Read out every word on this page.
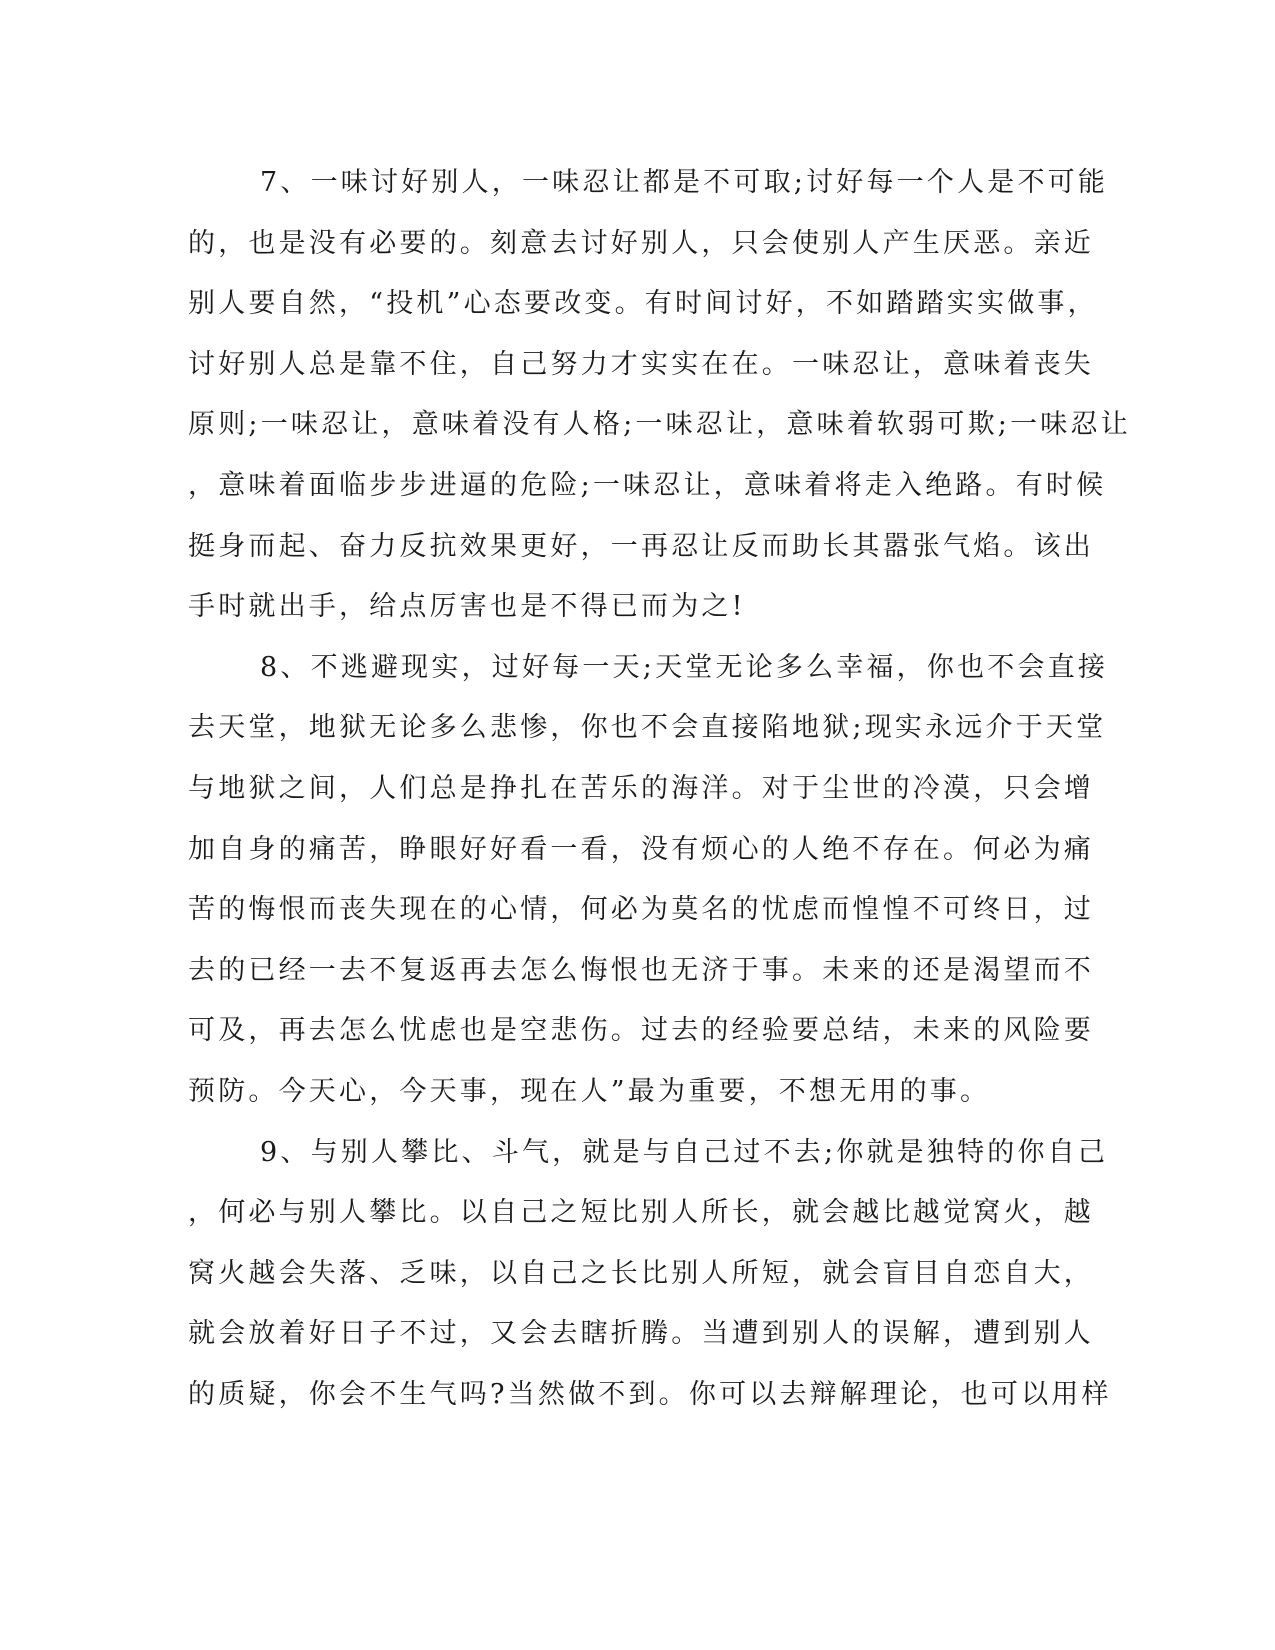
7、一味讨好别人，一味忍让都是不可取;讨好每一个人是不可能
的，也是没有必要的。刻意去讨好别人，只会使别人产生厌恶。亲近
别人要自然，“投机”心态要改变。有时间讨好，不如踏踏实实做事，
讨好别人总是靠不住，自己努力才实实在在。一味忍让，意味着丧失
原则;一味忍让，意味着没有人格;一味忍让，意味着软弱可欺;一味忍让
，意味着面临步步进逼的危险;一味忍让，意味着将走入绝路。有时候
挺身而起、奋力反抗效果更好，一再忍让反而助长其嚣张气焰。该出
手时就出手，给点厉害也是不得已而为之!
8、不逃避现实，过好每一天;天堂无论多么幸福，你也不会直接
去天堂，地狱无论多么悲惨，你也不会直接陷地狱;现实永远介于天堂
与地狱之间，人们总是挣扎在苦乐的海洋。对于尘世的冷漠，只会增
加自身的痛苦，睁眼好好看一看，没有烦心的人绝不存在。何必为痛
苦的悔恨而丧失现在的心情，何必为莫名的忧虑而惶惶不可终日，过
去的已经一去不复返再去怎么悔恨也无济于事。未来的还是渴望而不
可及，再去怎么忧虑也是空悲伤。过去的经验要总结，未来的风险要
预防。今天心，今天事，现在人”最为重要，不想无用的事。
9、与别人攀比、斗气，就是与自己过不去;你就是独特的你自己
，何必与别人攀比。以自己之短比别人所长，就会越比越觉窝火，越
窝火越会失落、乏味，以自己之长比别人所短，就会盲目自恋自大，
就会放着好日子不过，又会去瞎折腾。当遭到别人的误解，遭到别人
的质疑，你会不生气吗?当然做不到。你可以去辩解理论，也可以用样
